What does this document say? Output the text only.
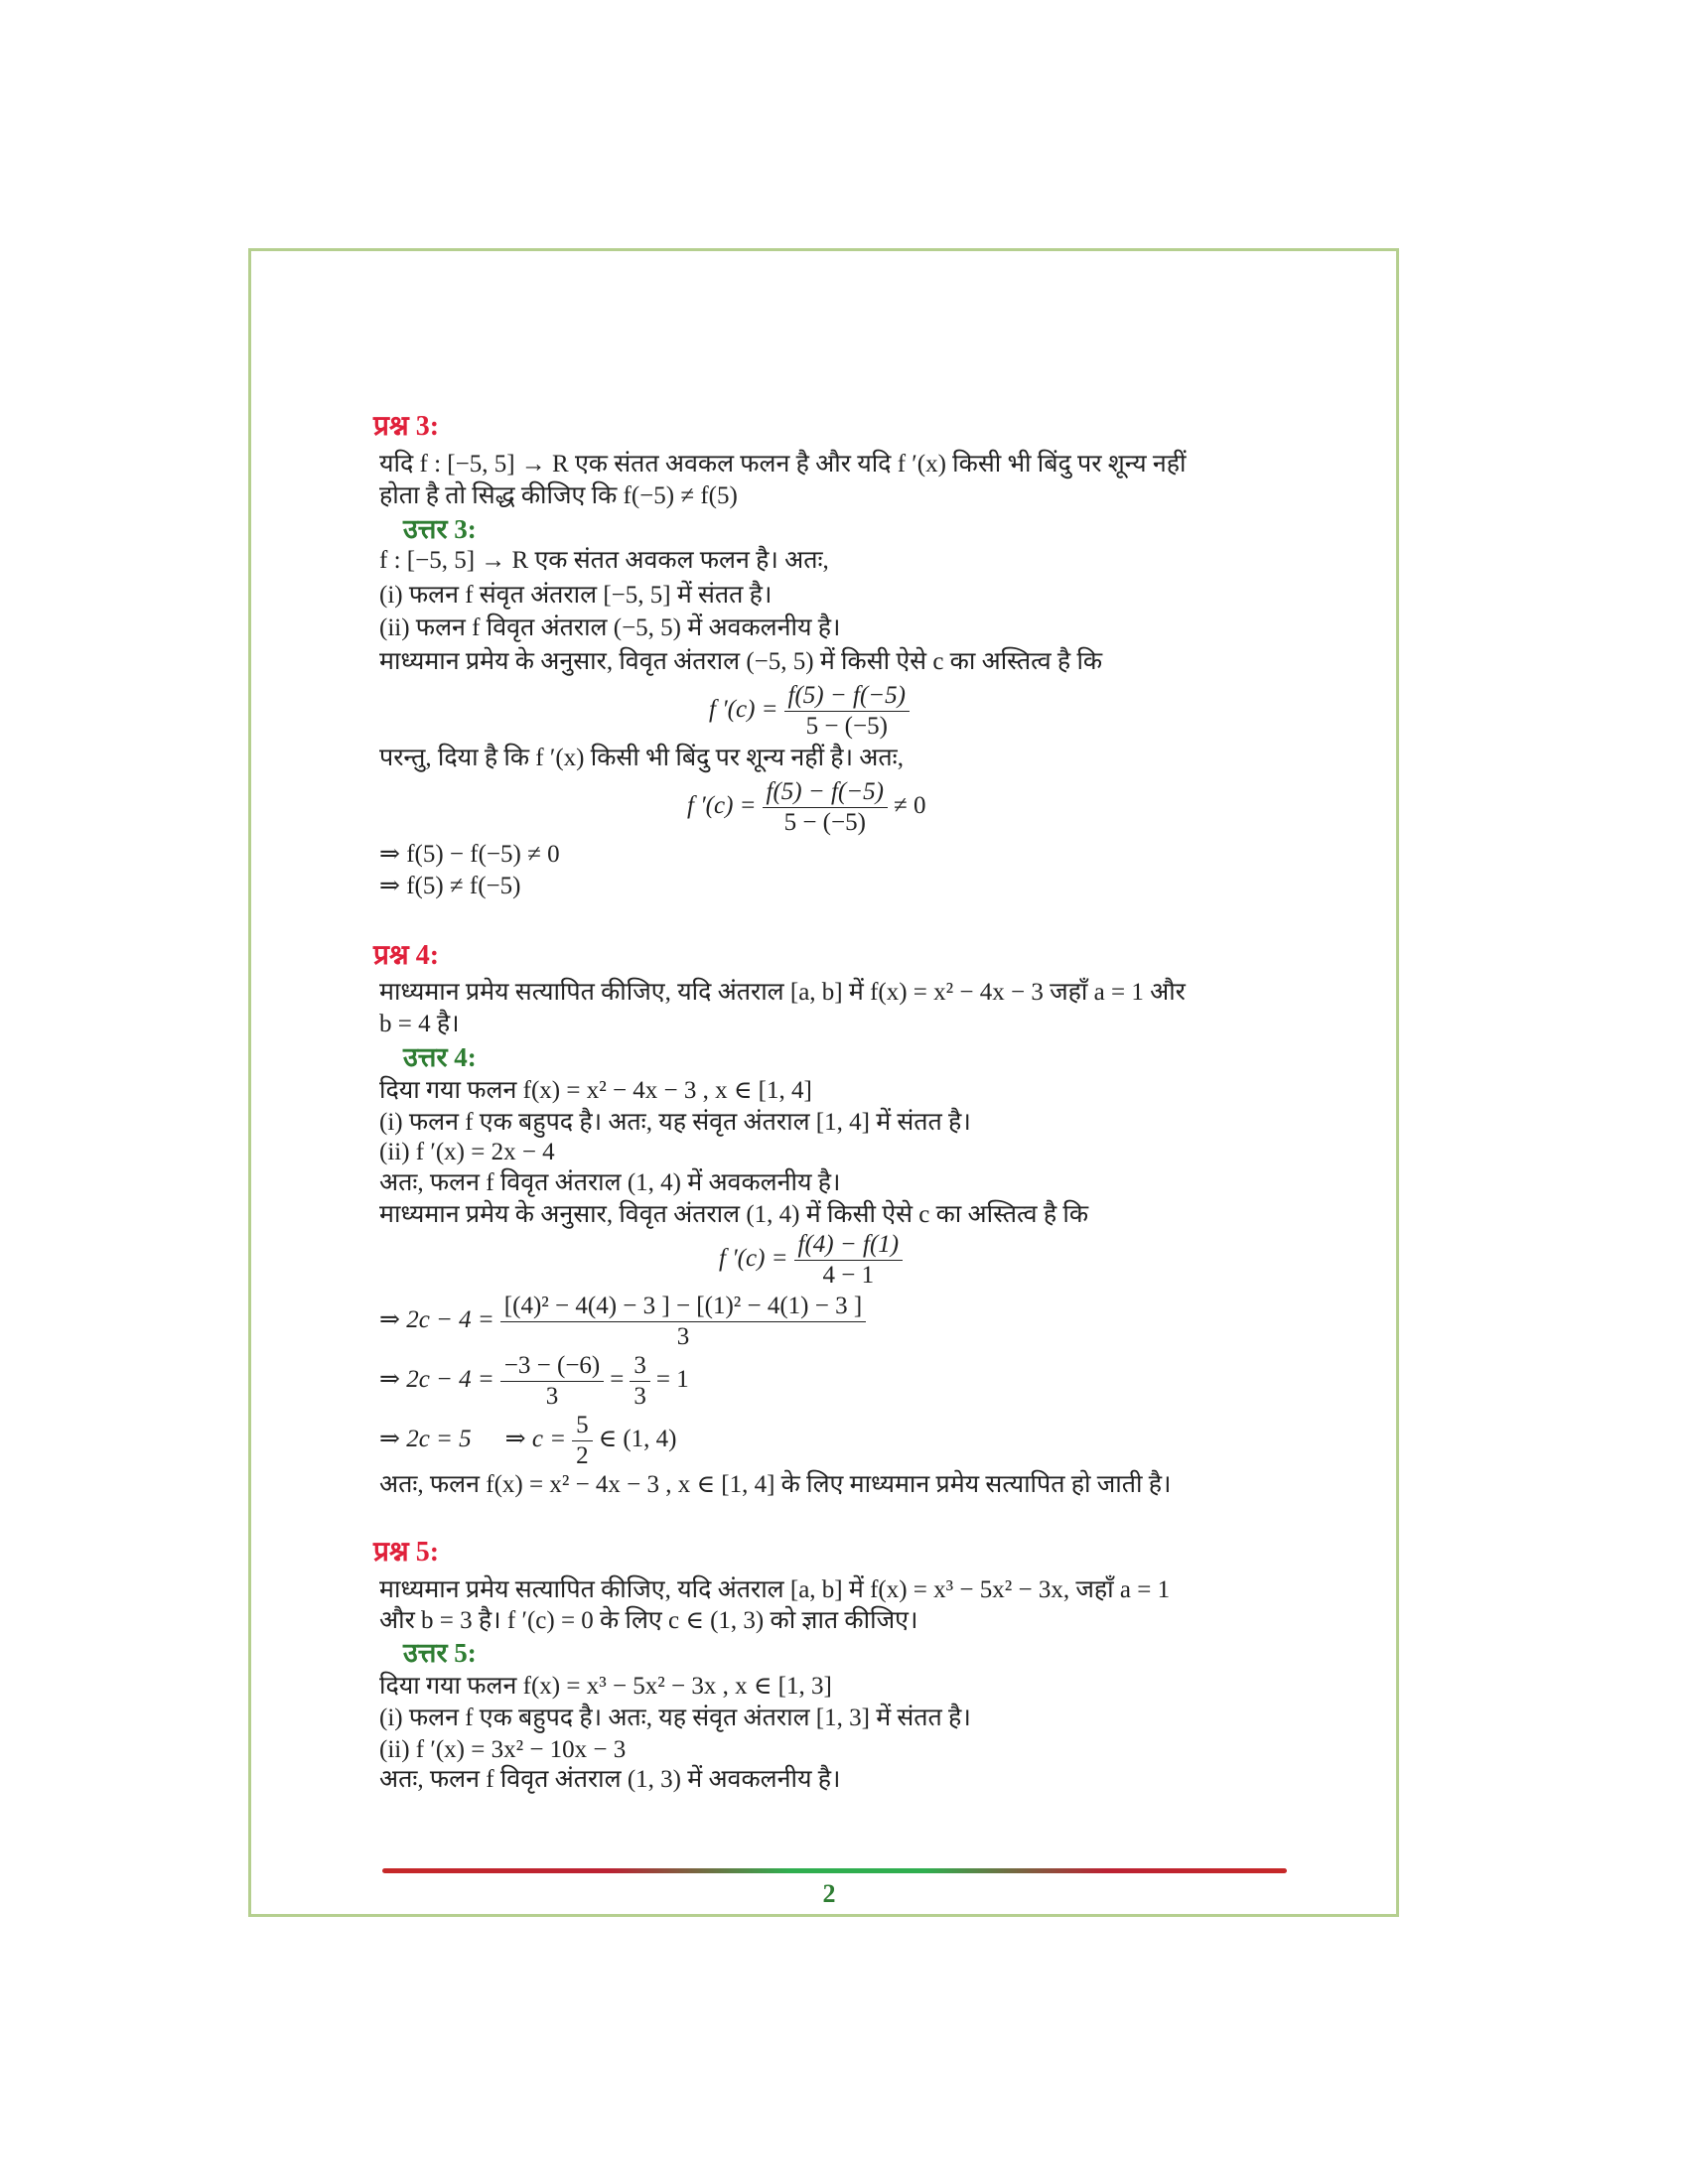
प्रश्न 3:
यदि f : [−5, 5] → R एक संतत अवकल फलन है और यदि f ′(x) किसी भी बिंदु पर शून्य नहीं
होता है तो सिद्ध कीजिए कि f(−5) ≠ f(5)
उत्तर 3:
f : [−5, 5] → R एक संतत अवकल फलन है। अतः,
(i) फलन f संवृत अंतराल [−5, 5] में संतत है।
(ii) फलन f विवृत अंतराल (−5, 5) में अवकलनीय है।
माध्यमान प्रमेय के अनुसार, विवृत अंतराल (−5, 5) में किसी ऐसे c का अस्तित्व है कि
f $'(c) = \frac{f(5) - f(-5)}{5 - (-5)}$
परन्तु, दिया है कि f ′(x) किसी भी बिंदु पर शून्य नहीं है। अतः,
f $'(c) = \frac{f(5) - f(-5)}{5 - (-5)} \ne 0$
⇒ f(5) − f(−5) ≠ 0
⇒ f(5) ≠ f(−5)
प्रश्न 4:
माध्यमान प्रमेय सत्यापित कीजिए, यदि अंतराल [a, b] में f(x) = x² − 4x − 3 जहाँ a = 1 और
b = 4 है।
उत्तर 4:
दिया गया फलन f(x) = x² − 4x − 3 , x ∈ [1, 4]
(i) फलन f एक बहुपद है। अतः, यह संवृत अंतराल [1, 4] में संतत है।
(ii) f ′(x) = 2x − 4
अतः, फलन f विवृत अंतराल (1, 4) में अवकलनीय है।
माध्यमान प्रमेय के अनुसार, विवृत अंतराल (1, 4) में किसी ऐसे c का अस्तित्व है कि
f $'(c) = \frac{f(4) - f(1)}{4 - 1}$
⇒ $2c - 4 = \frac{\text{[(4)² − 4(4) − 3 ] − [(1)² − 4(1) − 3 ]}}{3}$
⇒ $2c - 4 = \frac{-3 - (-6)}{3} = \frac{3}{3} = 1$
⇒ 2c = 5 ⇒ $c = \frac{5}{2}$ ∈ (1, 4)
अतः, फलन f(x) = x² − 4x − 3 , x ∈ [1, 4] के लिए माध्यमान प्रमेय सत्यापित हो जाती है।
प्रश्न 5:
माध्यमान प्रमेय सत्यापित कीजिए, यदि अंतराल [a, b] में f(x) = x³ − 5x² − 3x, जहाँ a = 1
और b = 3 है। f ′(c) = 0 के लिए c ∈ (1, 3) को ज्ञात कीजिए।
उत्तर 5:
दिया गया फलन f(x) = x³ − 5x² − 3x , x ∈ [1, 3]
(i) फलन f एक बहुपद है। अतः, यह संवृत अंतराल [1, 3] में संतत है।
(ii) f ′(x) = 3x² − 10x − 3
अतः, फलन f विवृत अंतराल (1, 3) में अवकलनीय है।
2
